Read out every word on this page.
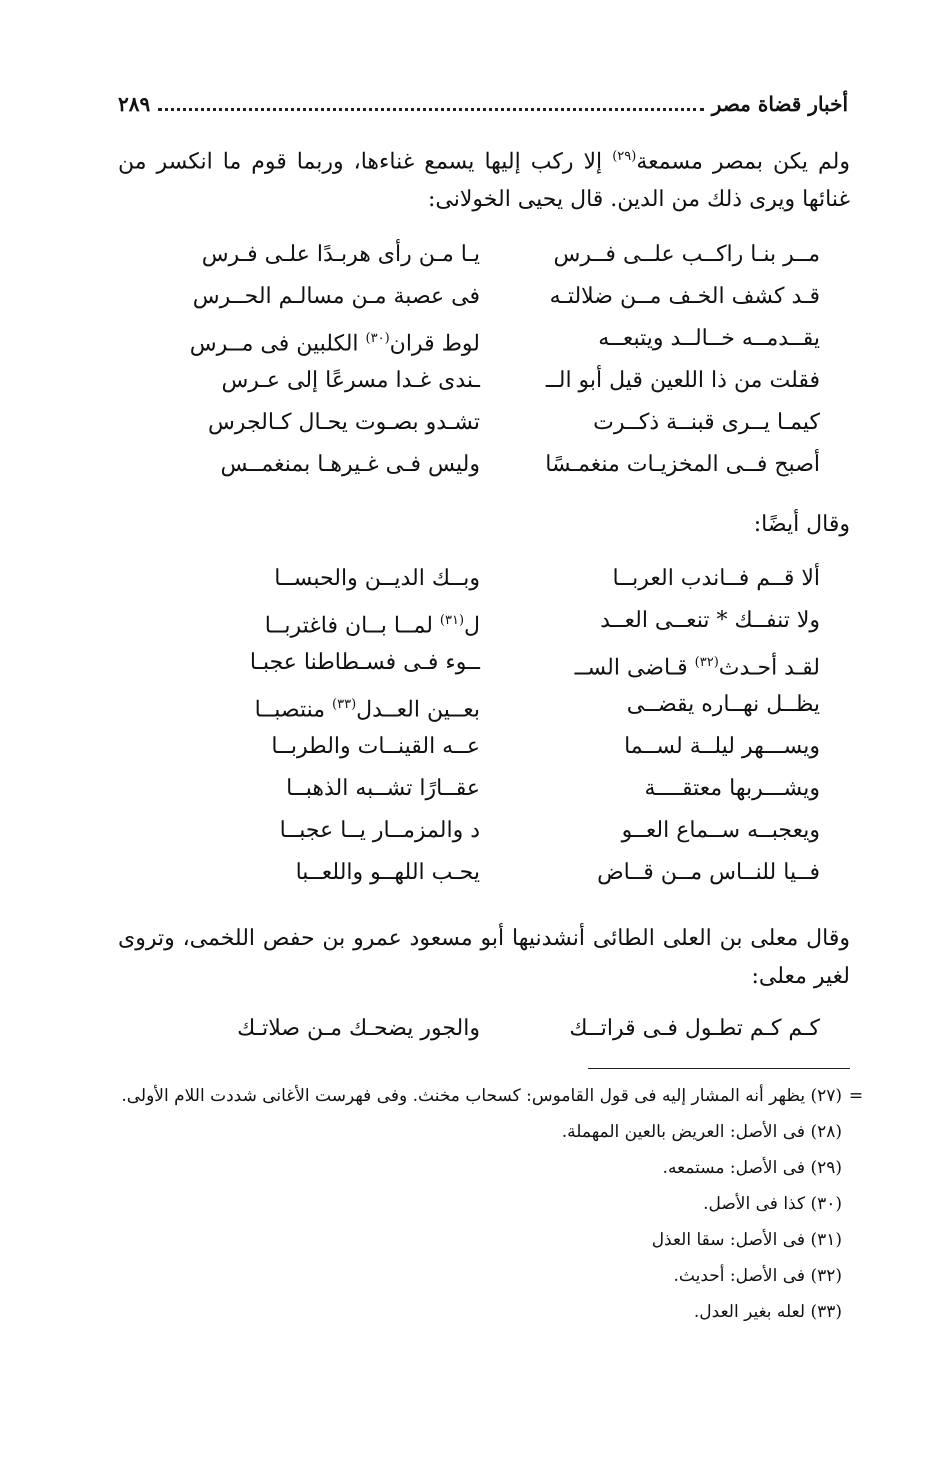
أخبار قضاة مصر
٢٨٩
ولم يكن بمصر مسمعة$^{(٢٩)}$ إلا ركب إليها يسمع غناءها، وربما قوم ما انكسر من غنائها ويرى ذلك من الدين. قال يحيى الخولانى:
مــر بنـا راكــب علــى فــرس
يـا مـن رأى هربـدًا علـى فـرس
قـد كشف الخـف مــن ضلالتـه
فى عصبة مـن مسالـم الحــرس
يقــدمــه خــالــد ويتبعــه
لوط قران$^{(٣٠)}$ الكلبين فى مــرس
فقلت من ذا اللعين قيل أبو الــ
ـندى غـدا مسرعًا إلى عـرس
كيمـا يــرى قبنــة ذكــرت
تشـدو بصـوت يحـال كـالجرس
أصبح فــى المخزيـات منغمـسًا
وليس فـى غـيرهـا بمنغمــس
وقال أيضًا:
ألا قــم فــاندب العربــا
وبــك الديــن والحبســا
ولا تنفــك * تنعــى العــد
ل$^{(٣١)}$ لمــا بــان فاغتربــا
لقـد أحـدث$^{(٣٢)}$ قـاضى الســ
ــوء فـى فسـطاطنا عجبـا
يظــل نهــاره يقضــى
بعــين العــدل$^{(٣٣)}$ منتصبــا
ويســـهر ليلــة لســما
عــه القينــات والطربــا
ويشـــربها معتقــــة
عقــارًا تشــبه الذهبــا
ويعجبــه ســماع العــو
د والمزمــار يــا عجبــا
فــيا للنــاس مــن قــاض
يحـب اللهــو واللعــبا
وقال معلى بن العلى الطائى أنشدنيها أبو مسعود عمرو بن حفص اللخمى، وتروى لغير معلى:
كـم كـم تطـول فـى قراتــك
والجور يضحـك مـن صلاتـك
=
(٢٧) يظهر أنه المشار إليه فى قول القاموس: كسحاب مخنث. وفى فهرست الأغانى شددت اللام الأولى.
(٢٨) فى الأصل: العريض بالعين المهملة.
(٢٩) فى الأصل: مستمعه.
(٣٠) كذا فى الأصل.
(٣١) فى الأصل: سقا العذل
(٣٢) فى الأصل: أحديث.
(٣٣) لعله بغير العدل.
